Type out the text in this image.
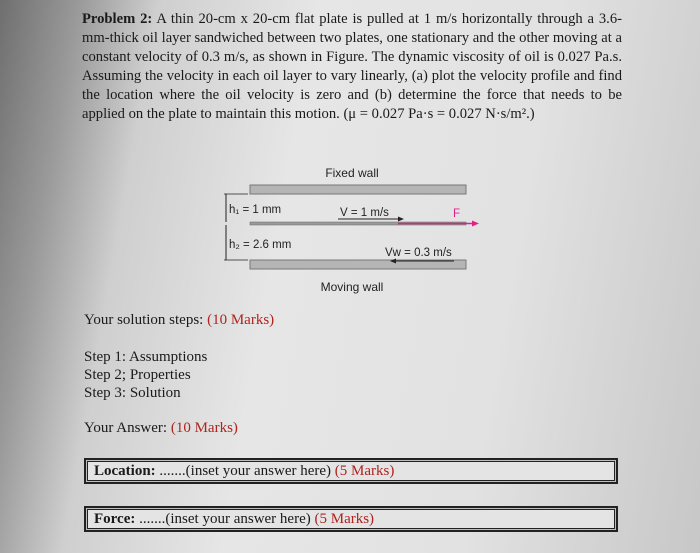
Problem 2: A thin 20-cm x 20-cm flat plate is pulled at 1 m/s horizontally through a 3.6-mm-thick oil layer sandwiched between two plates, one stationary and the other moving at a constant velocity of 0.3 m/s, as shown in Figure. The dynamic viscosity of oil is 0.027 Pa.s. Assuming the velocity in each oil layer to vary linearly, (a) plot the velocity profile and find the location where the oil velocity is zero and (b) determine the force that needs to be applied on the plate to maintain this motion. (μ = 0.027 Pa·s = 0.027 N·s/m².)
Fixed wall
h₁ = 1 mm
h₂ = 2.6 mm
V = 1 m/s	F
Vw = 0.3 m/s
Moving wall
Your solution steps: (10 Marks)
Step 1: Assumptions
Step 2; Properties
Step 3: Solution
Your Answer: (10 Marks)
Location: .......(inset your answer here) (5 Marks)
Force: .......(inset your answer here) (5 Marks)
